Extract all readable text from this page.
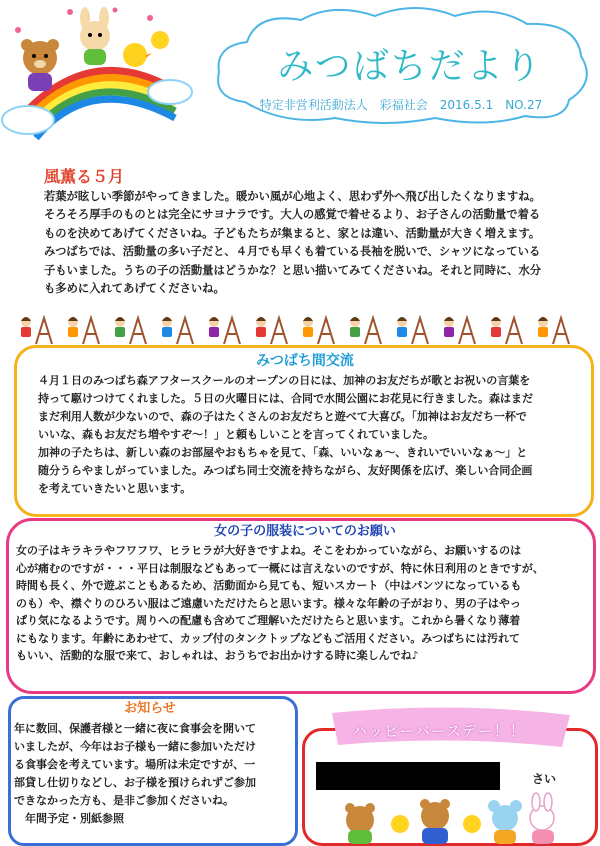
みつばちだより
特定非営利活動法人　彩福社会　2016.5.1　NO.27
風薫る５月
若葉が眩しい季節がやってきました。暖かい風が心地よく、思わず外へ飛び出したくなりますね。
そろそろ厚手のものとは完全にサヨナラです。大人の感覚で着せるより、お子さんの活動量で着る
ものを決めてあげてくださいね。子どもたちが集まると、家とは違い、活動量が大きく増えます。
みつばちでは、活動量の多い子だと、４月でも早くも着ている長袖を脱いで、シャツになっている
子もいました。うちの子の活動量はどうかな？と思い描いてみてくださいね。それと同時に、水分
も多めに入れてあげてくださいね。
みつばち間交流
４月１日のみつばち森アフタースクールのオープンの日には、加神のお友だちが歌とお祝いの言葉を
持って駆けつけてくれました。５日の火曜日には、合同で水間公園にお花見に行きました。森はまだ
まだ利用人数が少ないので、森の子はたくさんのお友だちと遊べて大喜び。「加神はお友だち一杯で
いいな、森もお友だち増やすぞ～！」と頼もしいことを言ってくれていました。
加神の子たちは、新しい森のお部屋やおもちゃを見て、「森、いいなぁ～、きれいでいいなぁ～」と
随分うらやましがっていました。みつばち同士交流を持ちながら、友好関係を広げ、楽しい合同企画
を考えていきたいと思います。
女の子の服装についてのお願い
女の子はキラキラやフワフワ、ヒラヒラが大好きですよね。そこをわかっていながら、お願いするのは
心が痛むのですが・・・平日は制服などもあって一概には言えないのですが、特に休日利用のときですが、
時間も長く、外で遊ぶこともあるため、活動面から見ても、短いスカート（中はパンツになっているも
のも）や、襟ぐりのひろい服はご遠慮いただけたらと思います。様々な年齢の子がおり、男の子はやっ
ぱり気になるようです。周りへの配慮も含めてご理解いただけたらと思います。これから暑くなり薄着
にもなります。年齢にあわせて、カップ付のタンクトップなどもご活用ください。みつばちには汚れて
もいい、活動的な服で来て、おしゃれは、おうちでお出かけする時に楽しんでね♪
お知らせ
年に数回、保護者様と一緒に夜に食事会を開いて
いましたが、今年はお子様も一緒に参加いただけ
る食事会を考えています。場所は未定ですが、一
部貸し仕切りなどし、お子様を預けられずご参加
できなかった方も、是非ご参加くださいね。
　年間予定・別紙参照
ハッピーバースデー！！
さい
